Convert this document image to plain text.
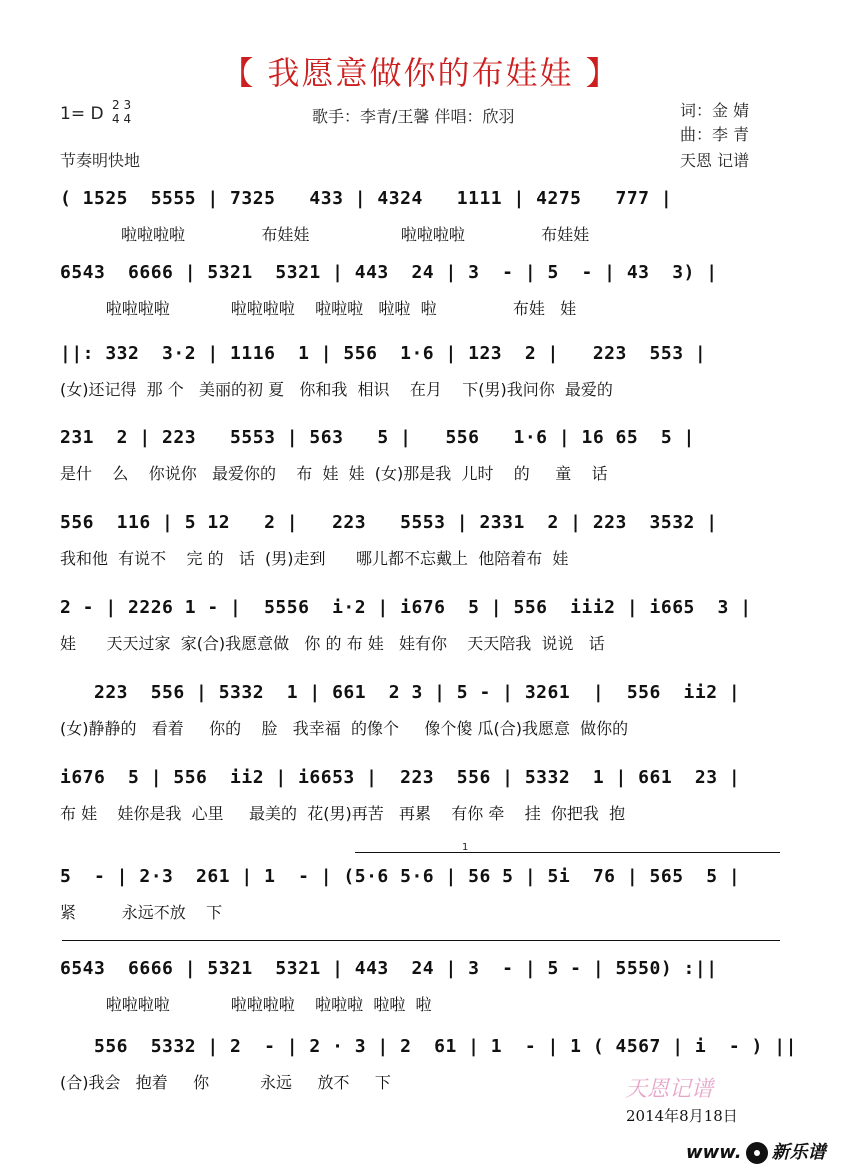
【 我愿意做你的布娃娃 】
1= D 2 3
4 4
节奏明快地
歌手：李青/王馨 伴唱：欣羽	词：金 婧
曲：李 青
天恩 记谱
( 1525  5555 | 7325   433 | 4324   1111 | 4275   777 |
啦啦啦啦               布娃娃                  啦啦啦啦               布娃娃
6543  6666 | 5321  5321 | 443  24 | 3  - | 5  - | 43  3) |
啦啦啦啦            啦啦啦啦    啦啦啦   啦啦  啦               布娃   娃
||: 332  3·2 | 1116  1 | 556  1·6 | 123  2 |   223  553 |
(女)还记得  那 个   美丽的初 夏   你和我  相识    在月    下(男)我问你  最爱的
231  2 | 223   5553 | 563   5 |   556   1·6 | 16 65  5 |
是什    么    你说你   最爱你的    布  娃  娃  (女)那是我  儿时    的     童    话
556  116 | 5 12   2 |   223   5553 | 2331  2 | 223  3532 |
我和他  有说不    完 的   话  (男)走到      哪儿都不忘戴上  他陪着布  娃
2 - | 2226 1 - |  5556  i·2 | i676  5 | 556  iii2 | i665  3 |
娃      天天过家  家(合)我愿意做   你 的 布 娃   娃有你    天天陪我  说说   话
223  556 | 5332  1 | 661  2 3 | 5 - | 3261  |  556  ii2 |
(女)静静的   看着     你的    脸   我幸福  的像个     像个傻 瓜(合)我愿意  做你的
i676  5 | 556  ii2 | i6653 |  223  556 | 5332  1 | 661  23 |
布 娃    娃你是我  心里     最美的  花(男)再苦   再累    有你 牵    挂  你把我  抱
5  - | 2·3  261 | 1  - | (5·6 5·6 | 56 5 | 5i  76 | 565  5 |
紧         永远不放    下
6543  6666 | 5321  5321 | 443  24 | 3  - | 5 - | 5550) :||
啦啦啦啦            啦啦啦啦    啦啦啦  啦啦  啦
556  5332 | 2  - | 2 · 3 | 2  61 | 1  - | 1 ( 4567 | i  - ) ||
(合)我会   抱着     你          永远     放不     下
1
天恩记谱
2014年8月18日
www. 新乐谱
